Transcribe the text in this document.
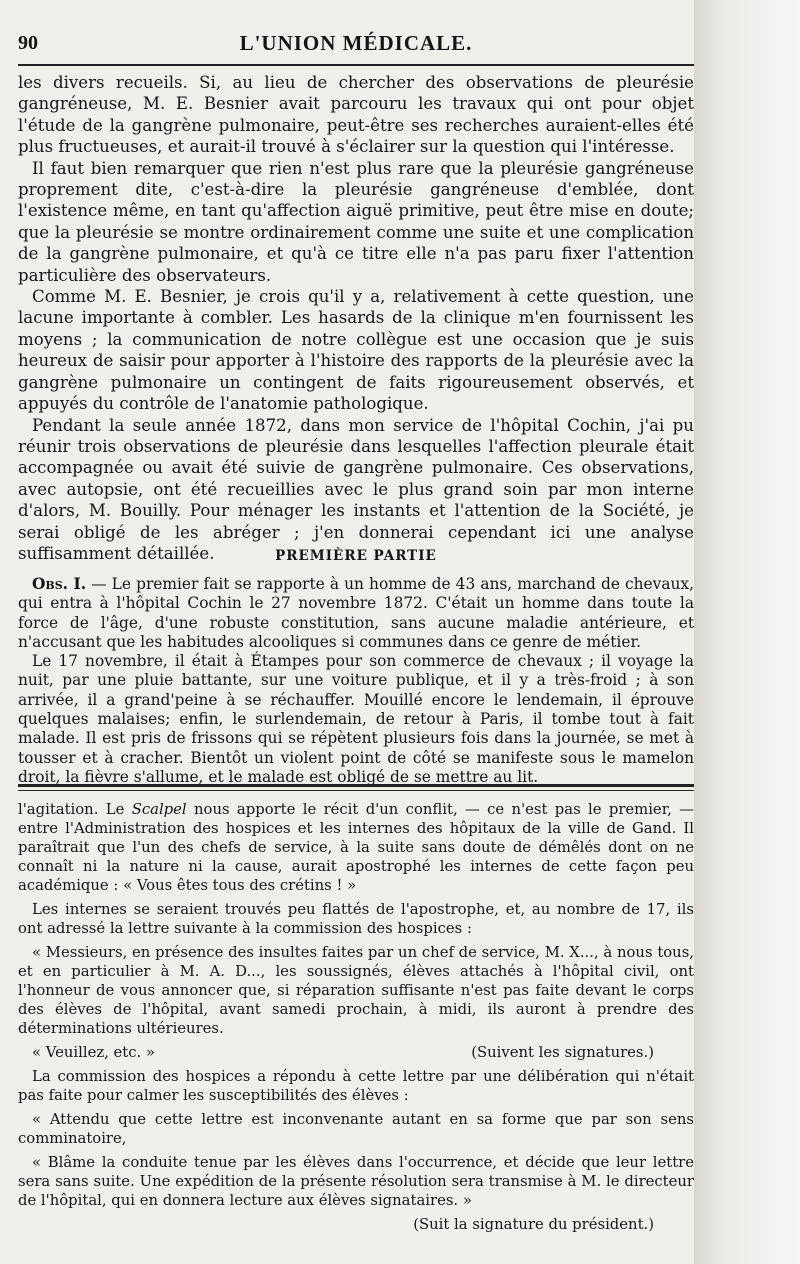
90	L'UNION MÉDICALE.

les divers recueils. Si, au lieu de chercher des observations de pleurésie gangréneuse, M. E. Besnier avait parcouru les travaux qui ont pour objet l'étude de la gangrène pulmonaire, peut-être ses recherches auraient-elles été plus fructueuses, et aurait-il trouvé à s'éclairer sur la question qui l'intéresse.

Il faut bien remarquer que rien n'est plus rare que la pleurésie gangréneuse proprement dite, c'est-à-dire la pleurésie gangréneuse d'emblée, dont l'existence même, en tant qu'affection aiguë primitive, peut être mise en doute; que la pleurésie se montre ordinairement comme une suite et une complication de la gangrène pulmonaire, et qu'à ce titre elle n'a pas paru fixer l'attention particulière des observateurs.

Comme M. E. Besnier, je crois qu'il y a, relativement à cette question, une lacune importante à combler. Les hasards de la clinique m'en fournissent les moyens ; la communication de notre collègue est une occasion que je suis heureux de saisir pour apporter à l'histoire des rapports de la pleurésie avec la gangrène pulmonaire un contingent de faits rigoureusement observés, et appuyés du contrôle de l'anatomie pathologique.

Pendant la seule année 1872, dans mon service de l'hôpital Cochin, j'ai pu réunir trois observations de pleurésie dans lesquelles l'affection pleurale était accompagnée ou avait été suivie de gangrène pulmonaire. Ces observations, avec autopsie, ont été recueillies avec le plus grand soin par mon interne d'alors, M. Bouilly. Pour ménager les instants et l'attention de la Société, je serai obligé de les abréger ; j'en donnerai cependant ici une analyse suffisamment détaillée.	PREMIÈRE PARTIE

Obs. I. — Le premier fait se rapporte à un homme de 43 ans, marchand de chevaux, qui entra à l'hôpital Cochin le 27 novembre 1872. C'était un homme dans toute la force de l'âge, d'une robuste constitution, sans aucune maladie antérieure, et n'accusant que les habitudes alcooliques si communes dans ce genre de métier.

Le 17 novembre, il était à Étampes pour son commerce de chevaux ; il voyage la nuit, par une pluie battante, sur une voiture publique, et il y a très-froid ; à son arrivée, il a grand'peine à se réchauffer. Mouillé encore le lendemain, il éprouve quelques malaises; enfin, le surlendemain, de retour à Paris, il tombe tout à fait malade. Il est pris de frissons qui se répètent plusieurs fois dans la journée, se met à tousser et à cracher. Bientôt un violent point de côté se manifeste sous le mamelon droit, la fièvre s'allume, et le malade est obligé de se mettre au lit.

l'agitation. Le Scalpel nous apporte le récit d'un conflit, — ce n'est pas le premier, — entre l'Administration des hospices et les internes des hôpitaux de la ville de Gand. Il paraîtrait que l'un des chefs de service, à la suite sans doute de démêlés dont on ne connaît ni la nature ni la cause, aurait apostrophé les internes de cette façon peu académique : « Vous êtes tous des crétins ! »

Les internes se seraient trouvés peu flattés de l'apostrophe, et, au nombre de 17, ils ont adressé la lettre suivante à la commission des hospices :

« Messieurs, en présence des insultes faites par un chef de service, M. X..., à nous tous, et en particulier à M. A. D..., les soussignés, élèves attachés à l'hôpital civil, ont l'honneur de vous annoncer que, si réparation suffisante n'est pas faite devant le corps des élèves de l'hôpital, avant samedi prochain, à midi, ils auront à prendre des déterminations ultérieures.

« Veuillez, etc. »	(Suivent les signatures.)

La commission des hospices a répondu à cette lettre par une délibération qui n'était pas faite pour calmer les susceptibilités des élèves :

« Attendu que cette lettre est inconvenante autant en sa forme que par son sens comminatoire,

« Blâme la conduite tenue par les élèves dans l'occurrence, et décide que leur lettre sera sans suite. Une expédition de la présente résolution sera transmise à M. le directeur de l'hôpital, qui en donnera lecture aux élèves signataires. »

(Suit la signature du président.)
